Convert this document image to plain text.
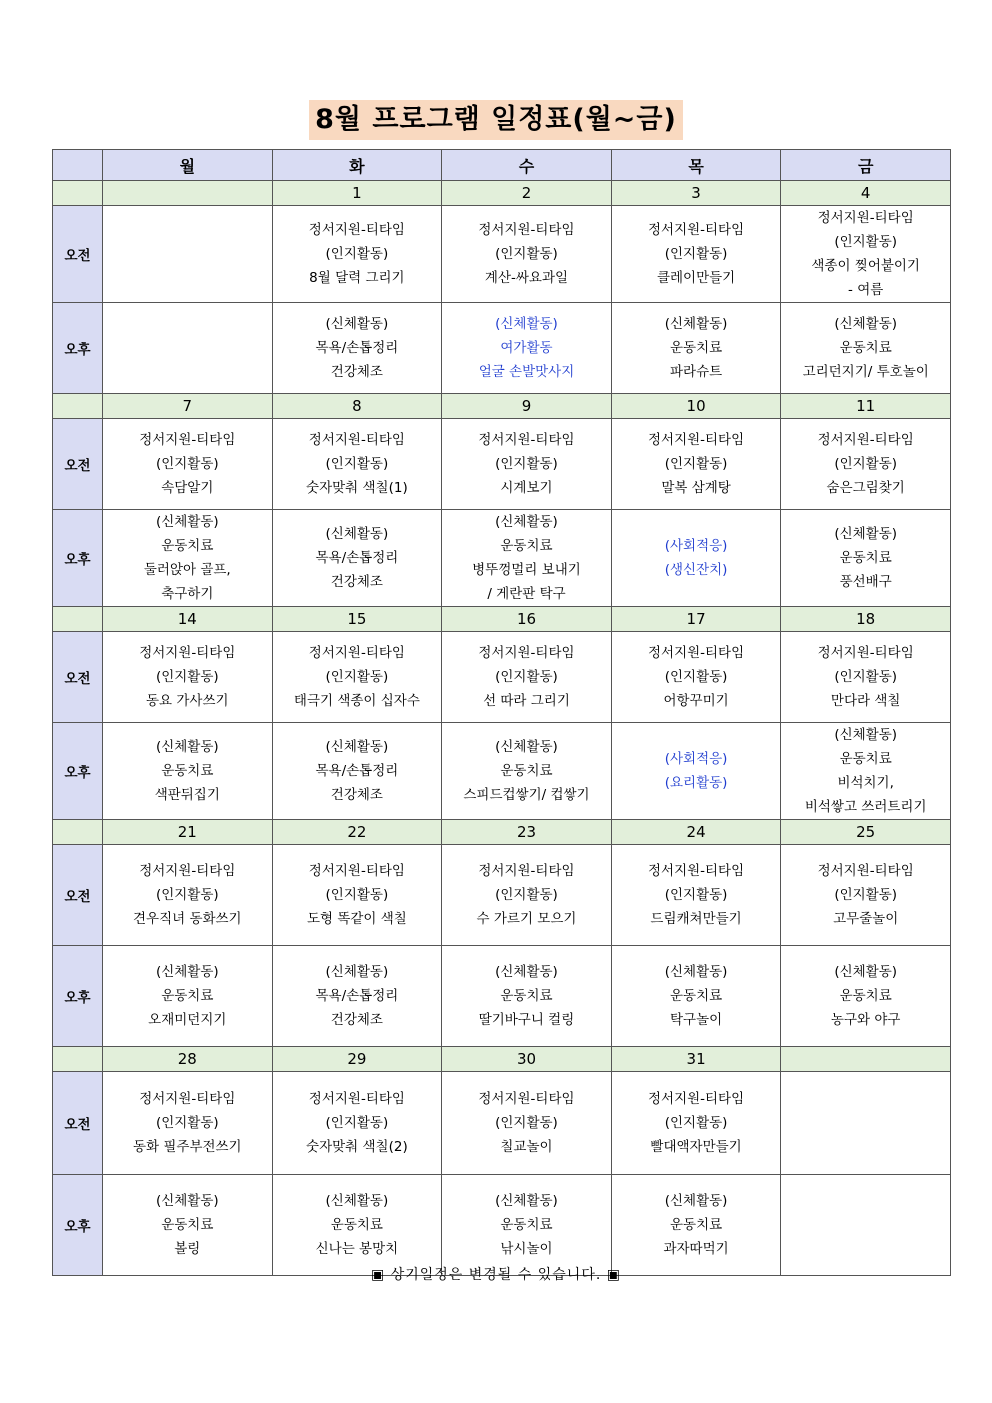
8월 프로그램 일정표(월~금)
	월	화	수	목	금
		1	2	3	4
오전		정서지원-티타임
(인지활동)
8월 달력 그리기	정서지원-티타임
(인지활동)
계산-싸요과일	정서지원-티타임
(인지활동)
클레이만들기	정서지원-티타임
(인지활동)
색종이 찢어붙이기
- 여름

오후		(신체활동)
목욕/손톱정리
건강체조	(신체활동)
여가활동
얼굴 손발맛사지	(신체활동)
운동치료
파라슈트	(신체활동)
운동치료
고리던지기/ 투호놀이

	7	8	9	10	11
오전	정서지원-티타임
(인지활동)
속담알기	정서지원-티타임
(인지활동)
숫자맞춰 색칠(1)	정서지원-티타임
(인지활동)
시계보기	정서지원-티타임
(인지활동)
말복 삼계탕	정서지원-티타임
(인지활동)
숨은그림찾기

오후	(신체활동)
운동치료
둘러앉아 골프,
축구하기	(신체활동)
목욕/손톱정리
건강체조	(신체활동)
운동치료
병뚜껑멀리 보내기
/ 게란판 탁구	(사회적응)
(생신잔치)	(신체활동)
운동치료
풍선배구

	14	15	16	17	18
오전	정서지원-티타임
(인지활동)
동요 가사쓰기	정서지원-티타임
(인지활동)
태극기 색종이 십자수	정서지원-티타임
(인지활동)
선 따라 그리기	정서지원-티타임
(인지활동)
어항꾸미기	정서지원-티타임
(인지활동)
만다라 색칠

오후	(신체활동)
운동치료
색판뒤집기	(신체활동)
목욕/손톱정리
건강체조	(신체활동)
운동치료
스피드컵쌓기/ 컵쌓기	(사회적응)
(요리활동)	(신체활동)
운동치료
비석치기,
비석쌓고 쓰러트리기

	21	22	23	24	25
오전	정서지원-티타임
(인지활동)
견우직녀 동화쓰기	정서지원-티타임
(인지활동)
도형 똑같이 색칠	정서지원-티타임
(인지활동)
수 가르기 모으기	정서지원-티타임
(인지활동)
드림캐쳐만들기	정서지원-티타임
(인지활동)
고무줄놀이

오후	(신체활동)
운동치료
오재미던지기	(신체활동)
목욕/손톱정리
건강체조	(신체활동)
운동치료
딸기바구니 컬링	(신체활동)
운동치료
탁구놀이	(신체활동)
운동치료
농구와 야구

	28	29	30	31	
오전	정서지원-티타임
(인지활동)
동화 필주부전쓰기	정서지원-티타임
(인지활동)
숫자맞춰 색칠(2)	정서지원-티타임
(인지활동)
칠교놀이	정서지원-티타임
(인지활동)
빨대액자만들기	

오후	(신체활동)
운동치료
볼링	(신체활동)
운동치료
신나는 봉망치	(신체활동)
운동치료
낚시놀이	(신체활동)
운동치료
과자따먹기	

▣ 상기일정은 변경될 수 있습니다. ▣
